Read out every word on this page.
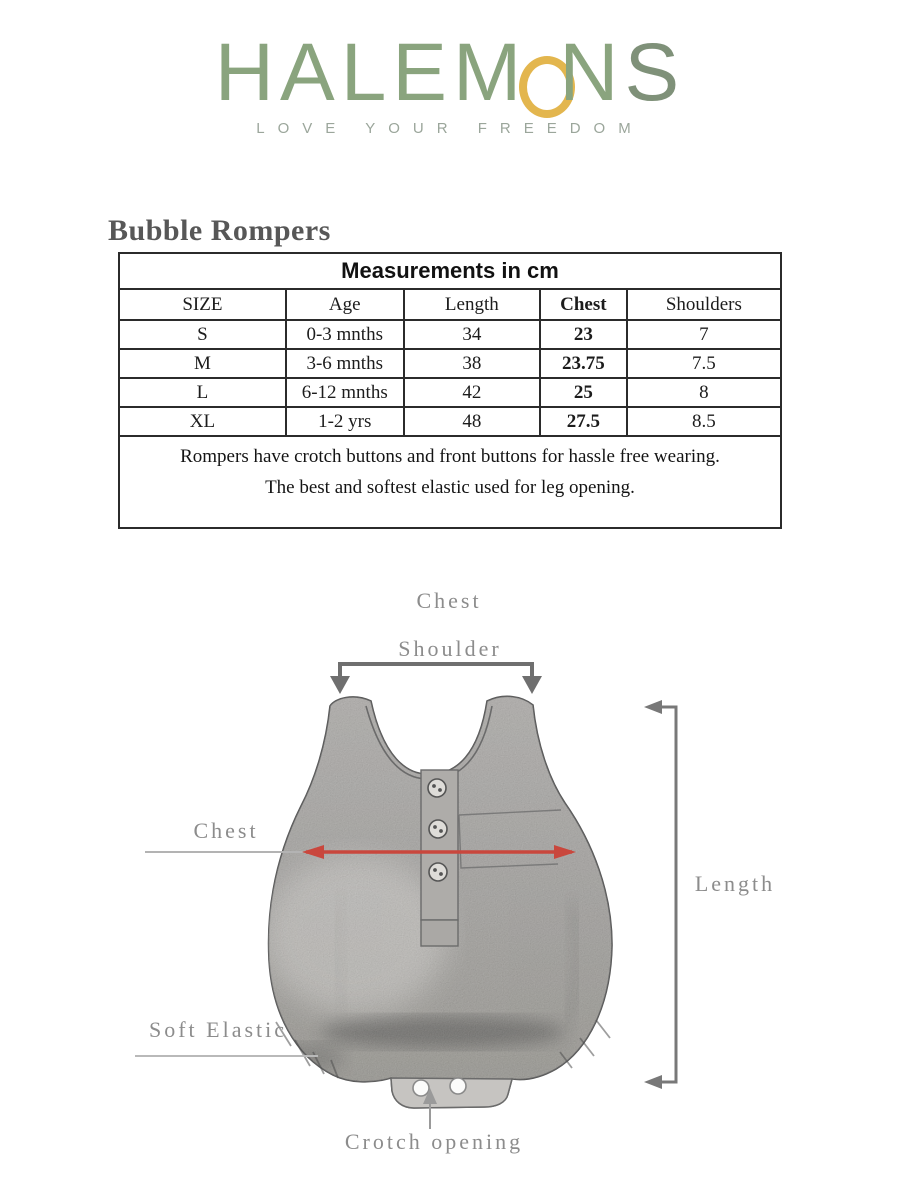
HALEM N S
LOVE YOUR FREEDOM
Bubble Rompers
Measurements in cm				
SIZE	Age	Length	Chest	Shoulders
S	0-3 mnths	34	23	7
M	3-6 mnths	38	23.75	7.5
L	6-12 mnths	42	25	8
XL	1-2 yrs	48	27.5	8.5

Rompers have crotch buttons and front buttons for hassle free wearing.
The best and softest elastic used for leg opening.				
Chest
Shoulder
Chest
Length
Soft Elastic
Crotch opening
